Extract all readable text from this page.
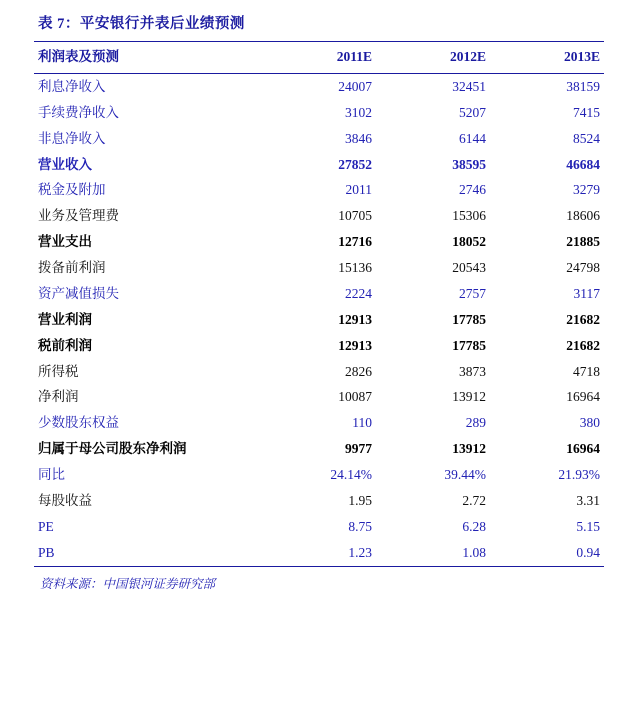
表 7：平安银行并表后业绩预测
利润表及预测	2011E	2012E	2013E
利息净收入	24007	32451	38159
手续费净收入	3102	5207	7415
非息净收入	3846	6144	8524
营业收入	27852	38595	46684
税金及附加	2011	2746	3279
业务及管理费	10705	15306	18606
营业支出	12716	18052	21885
拨备前利润	15136	20543	24798
资产减值损失	2224	2757	3117
营业利润	12913	17785	21682
税前利润	12913	17785	21682
所得税	2826	3873	4718
净利润	10087	13912	16964
少数股东权益	110	289	380
归属于母公司股东净利润	9977	13912	16964
同比	24.14%	39.44%	21.93%
每股收益	1.95	2.72	3.31
PE	8.75	6.28	5.15
PB	1.23	1.08	0.94
资料来源：中国银河证券研究部
